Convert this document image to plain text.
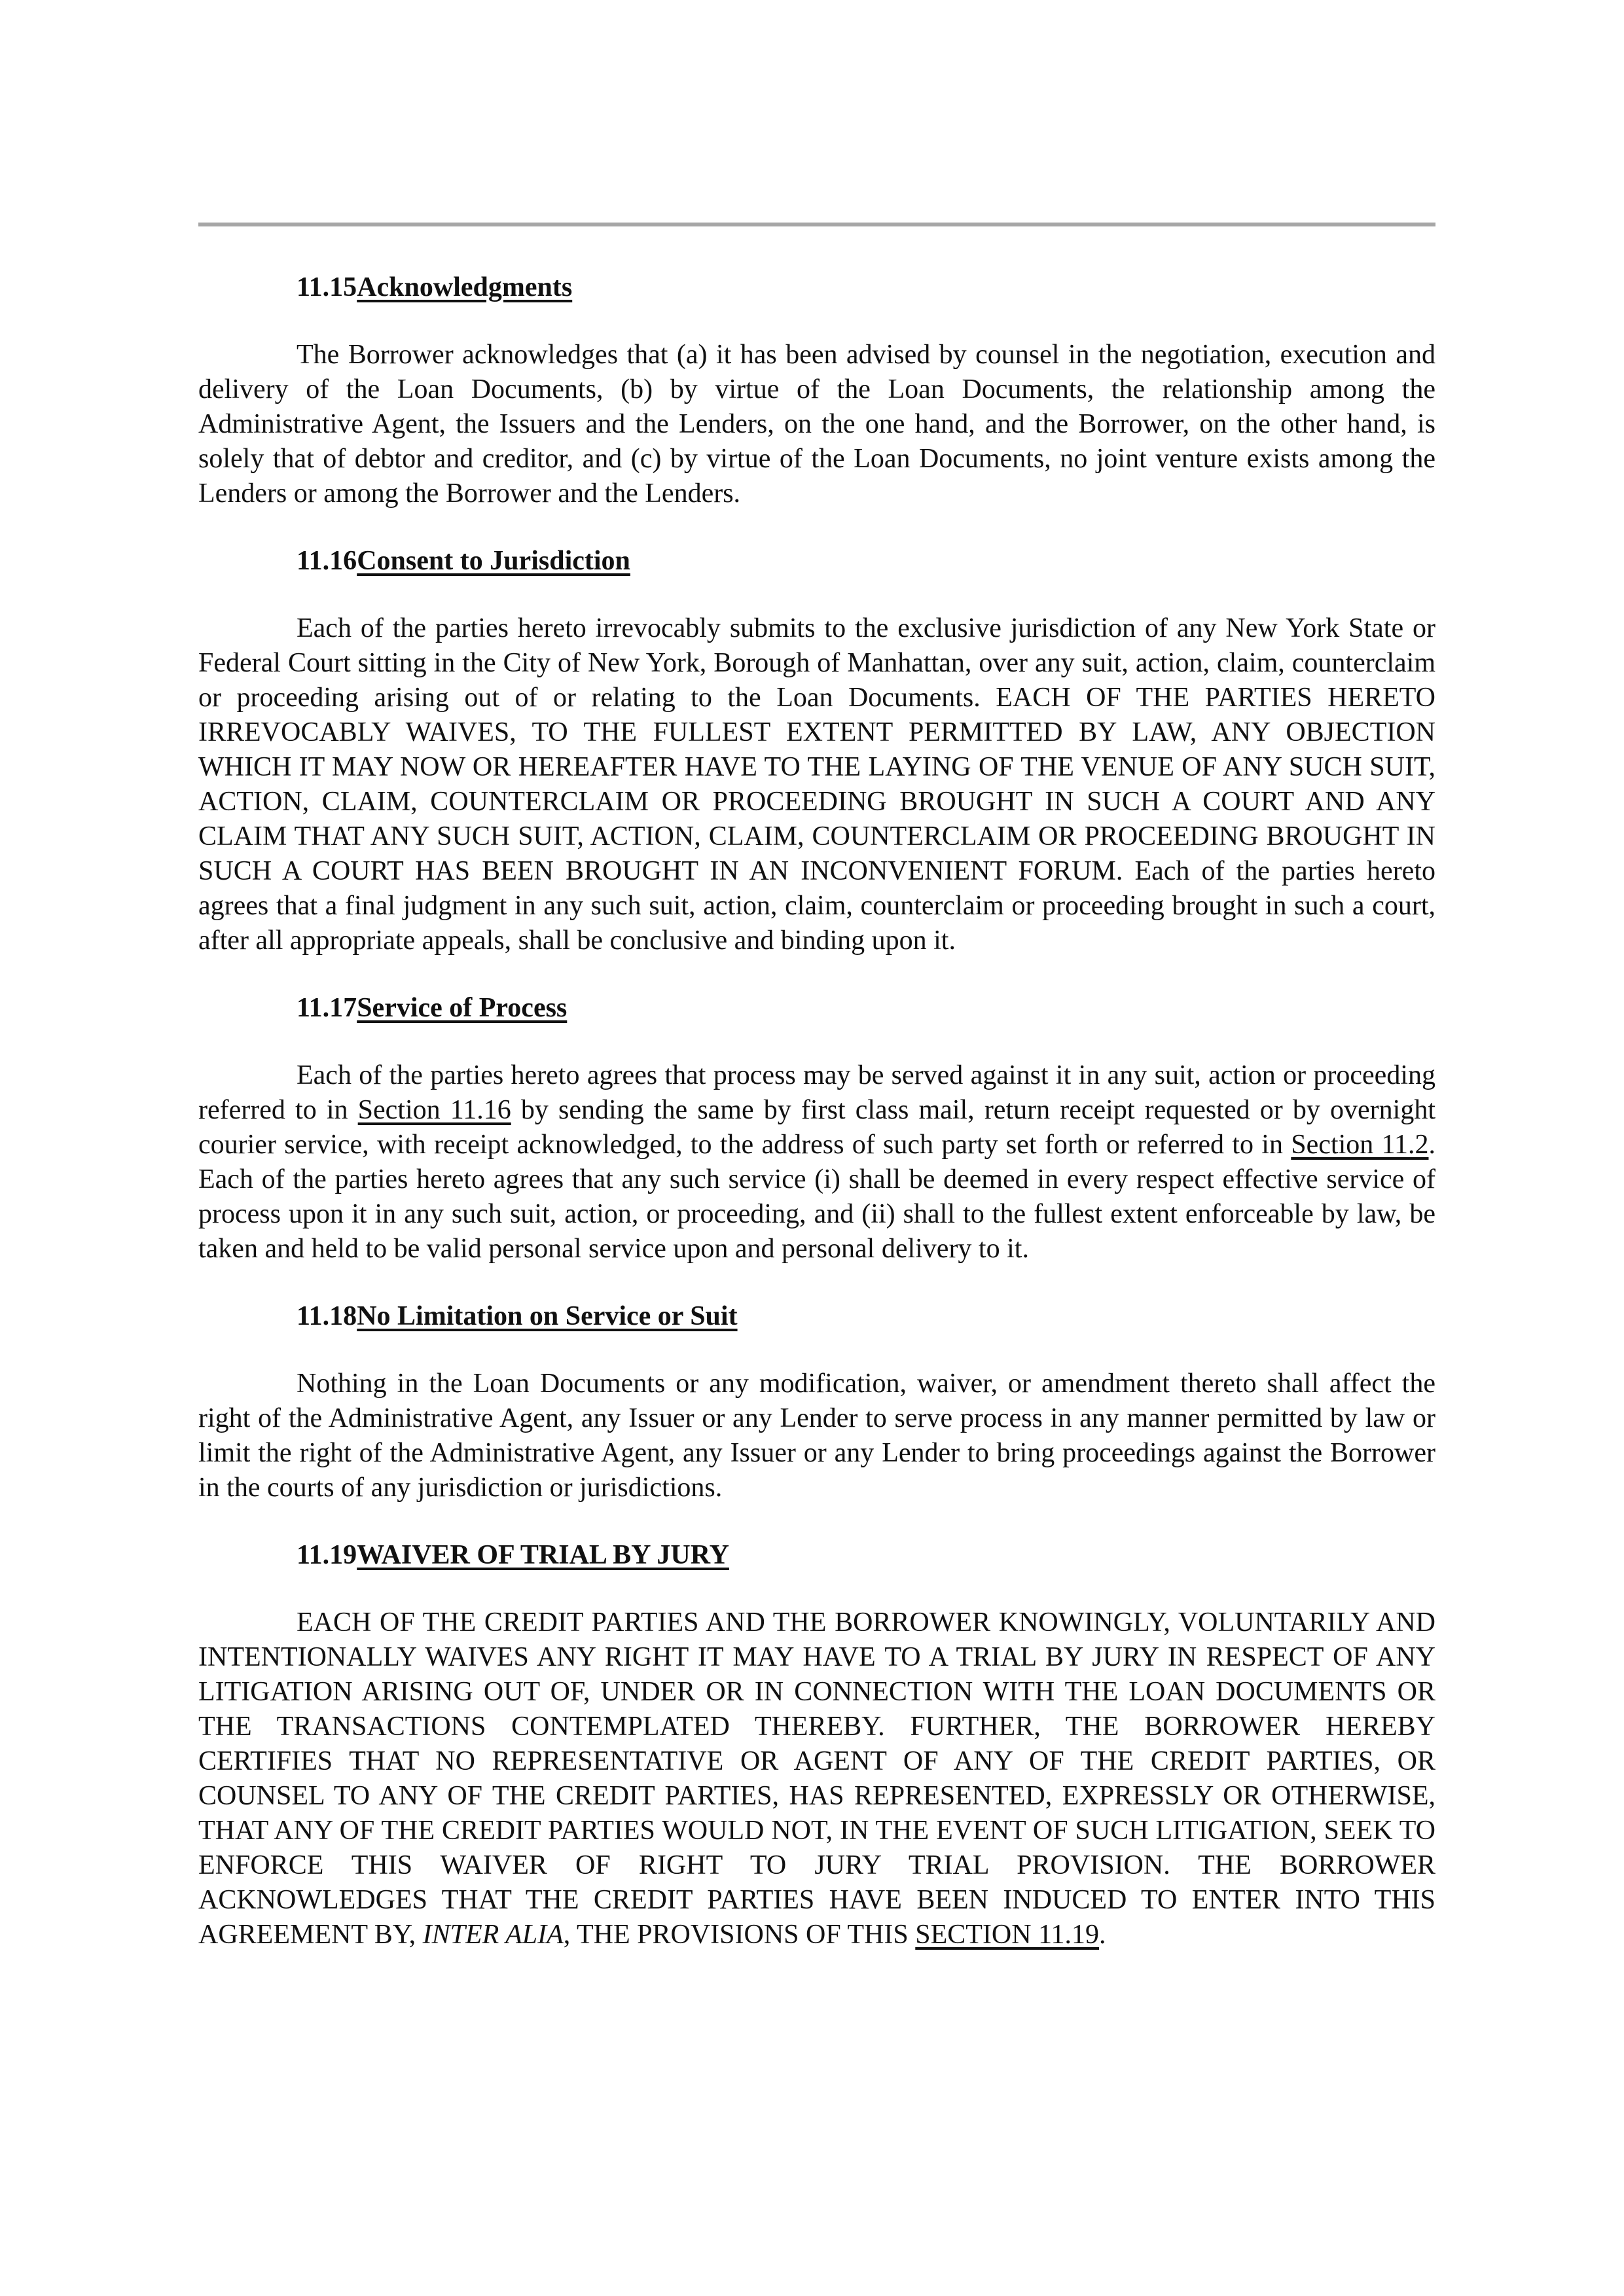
11.15Acknowledgments

The Borrower acknowledges that (a) it has been advised by counsel in the negotiation, execution and delivery of the Loan Documents, (b) by virtue of the Loan Documents, the relationship among the Administrative Agent, the Issuers and the Lenders, on the one hand, and the Borrower, on the other hand, is solely that of debtor and creditor, and (c) by virtue of the Loan Documents, no joint venture exists among the Lenders or among the Borrower and the Lenders.

11.16Consent to Jurisdiction

Each of the parties hereto irrevocably submits to the exclusive jurisdiction of any New York State or Federal Court sitting in the City of New York, Borough of Manhattan, over any suit, action, claim, counterclaim or proceeding arising out of or relating to the Loan Documents. EACH OF THE PARTIES HERETO IRREVOCABLY WAIVES, TO THE FULLEST EXTENT PERMITTED BY LAW, ANY OBJECTION WHICH IT MAY NOW OR HEREAFTER HAVE TO THE LAYING OF THE VENUE OF ANY SUCH SUIT, ACTION, CLAIM, COUNTERCLAIM OR PROCEEDING BROUGHT IN SUCH A COURT AND ANY CLAIM THAT ANY SUCH SUIT, ACTION, CLAIM, COUNTERCLAIM OR PROCEEDING BROUGHT IN SUCH A COURT HAS BEEN BROUGHT IN AN INCONVENIENT FORUM. Each of the parties hereto agrees that a final judgment in any such suit, action, claim, counterclaim or proceeding brought in such a court, after all appropriate appeals, shall be conclusive and binding upon it.

11.17Service of Process

Each of the parties hereto agrees that process may be served against it in any suit, action or proceeding referred to in Section 11.16 by sending the same by first class mail, return receipt requested or by overnight courier service, with receipt acknowledged, to the address of such party set forth or referred to in Section 11.2. Each of the parties hereto agrees that any such service (i) shall be deemed in every respect effective service of process upon it in any such suit, action, or proceeding, and (ii) shall to the fullest extent enforceable by law, be taken and held to be valid personal service upon and personal delivery to it.

11.18No Limitation on Service or Suit

Nothing in the Loan Documents or any modification, waiver, or amendment thereto shall affect the right of the Administrative Agent, any Issuer or any Lender to serve process in any manner permitted by law or limit the right of the Administrative Agent, any Issuer or any Lender to bring proceedings against the Borrower in the courts of any jurisdiction or jurisdictions.

11.19WAIVER OF TRIAL BY JURY

EACH OF THE CREDIT PARTIES AND THE BORROWER KNOWINGLY, VOLUNTARILY AND INTENTIONALLY WAIVES ANY RIGHT IT MAY HAVE TO A TRIAL BY JURY IN RESPECT OF ANY LITIGATION ARISING OUT OF, UNDER OR IN CONNECTION WITH THE LOAN DOCUMENTS OR THE TRANSACTIONS CONTEMPLATED THEREBY. FURTHER, THE BORROWER HEREBY CERTIFIES THAT NO REPRESENTATIVE OR AGENT OF ANY OF THE CREDIT PARTIES, OR COUNSEL TO ANY OF THE CREDIT PARTIES, HAS REPRESENTED, EXPRESSLY OR OTHERWISE, THAT ANY OF THE CREDIT PARTIES WOULD NOT, IN THE EVENT OF SUCH LITIGATION, SEEK TO ENFORCE THIS WAIVER OF RIGHT TO JURY TRIAL PROVISION. THE BORROWER ACKNOWLEDGES THAT THE CREDIT PARTIES HAVE BEEN INDUCED TO ENTER INTO THIS AGREEMENT BY, INTER ALIA, THE PROVISIONS OF THIS SECTION 11.19.
